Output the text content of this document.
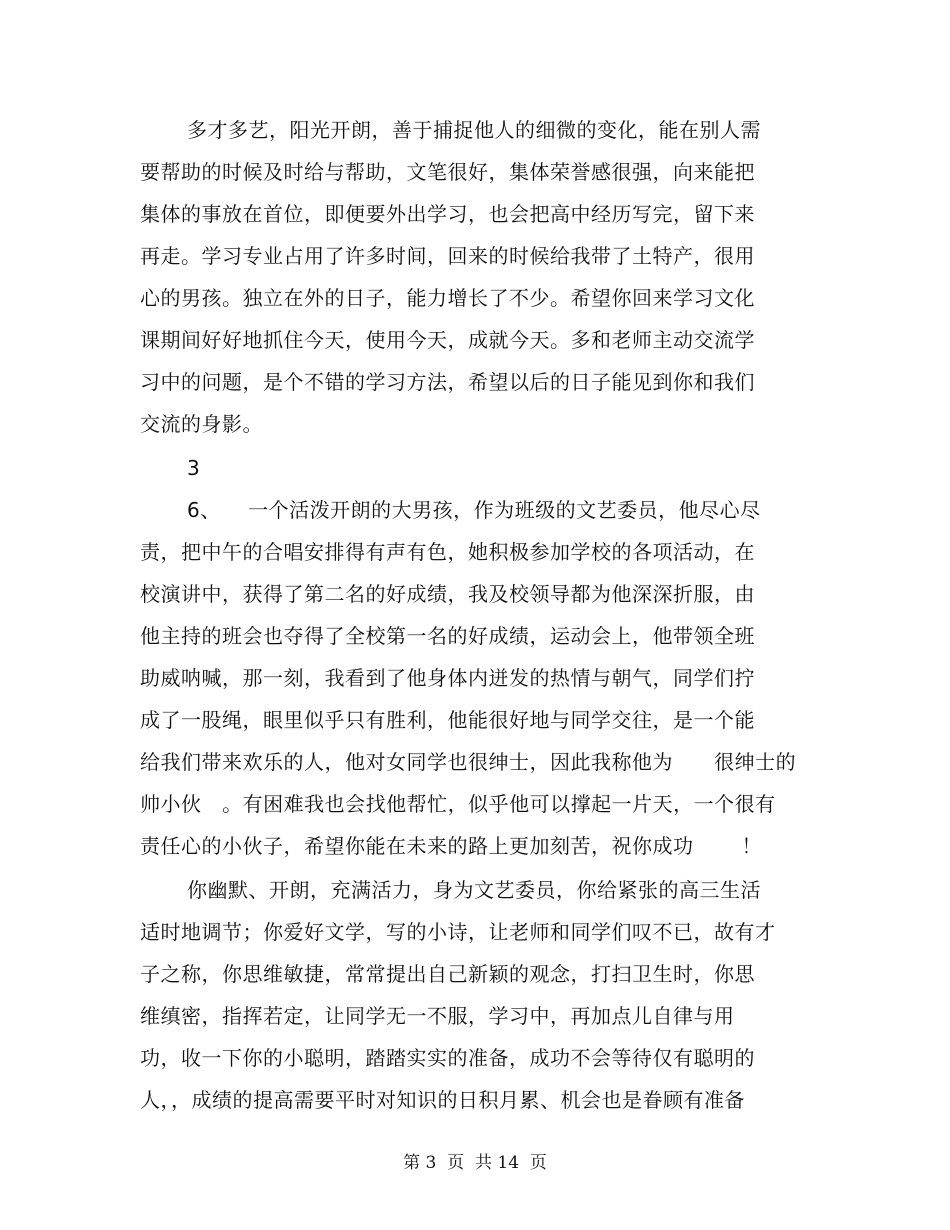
多才多艺，阳光开朗，善于捕捉他人的细微的变化，能在别人需
要帮助的时候及时给与帮助，文笔很好，集体荣誉感很强，向来能把
集体的事放在首位，即便要外出学习，也会把高中经历写完，留下来
再走。学习专业占用了许多时间，回来的时候给我带了土特产，很用
心的男孩。独立在外的日子，能力增长了不少。希望你回来学习文化
课期间好好地抓住今天，使用今天，成就今天。多和老师主动交流学
习中的问题，是个不错的学习方法，希望以后的日子能见到你和我们
交流的身影。
3
6、    一个活泼开朗的大男孩，作为班级的文艺委员，他尽心尽
责，把中午的合唱安排得有声有色，她积极参加学校的各项活动，在
校演讲中，获得了第二名的好成绩，我及校领导都为他深深折服，由
他主持的班会也夺得了全校第一名的好成绩，运动会上，他带领全班
助威呐喊，那一刻，我看到了他身体内迸发的热情与朝气，同学们拧
成了一股绳，眼里似乎只有胜利，他能很好地与同学交往，是一个能
给我们带来欢乐的人，他对女同学也很绅士，因此我称他为      很绅士的
帅小伙   。有困难我也会找他帮忙，似乎他可以撑起一片天，一个很有
责任心的小伙子，希望你能在未来的路上更加刻苦，祝你成功       ！
你幽默、开朗，充满活力，身为文艺委员，你给紧张的高三生活
适时地调节；你爱好文学，写的小诗，让老师和同学们叹不已，故有才
子之称，你思维敏捷，常常提出自己新颖的观念，打扫卫生时，你思
维缜密，指挥若定，让同学无一不服，学习中，再加点儿自律与用
功，收一下你的小聪明，踏踏实实的准备，成功不会等待仅有聪明的
人，，成绩的提高需要平时对知识的日积月累、机会也是眷顾有准备
第 3  页  共 14  页
